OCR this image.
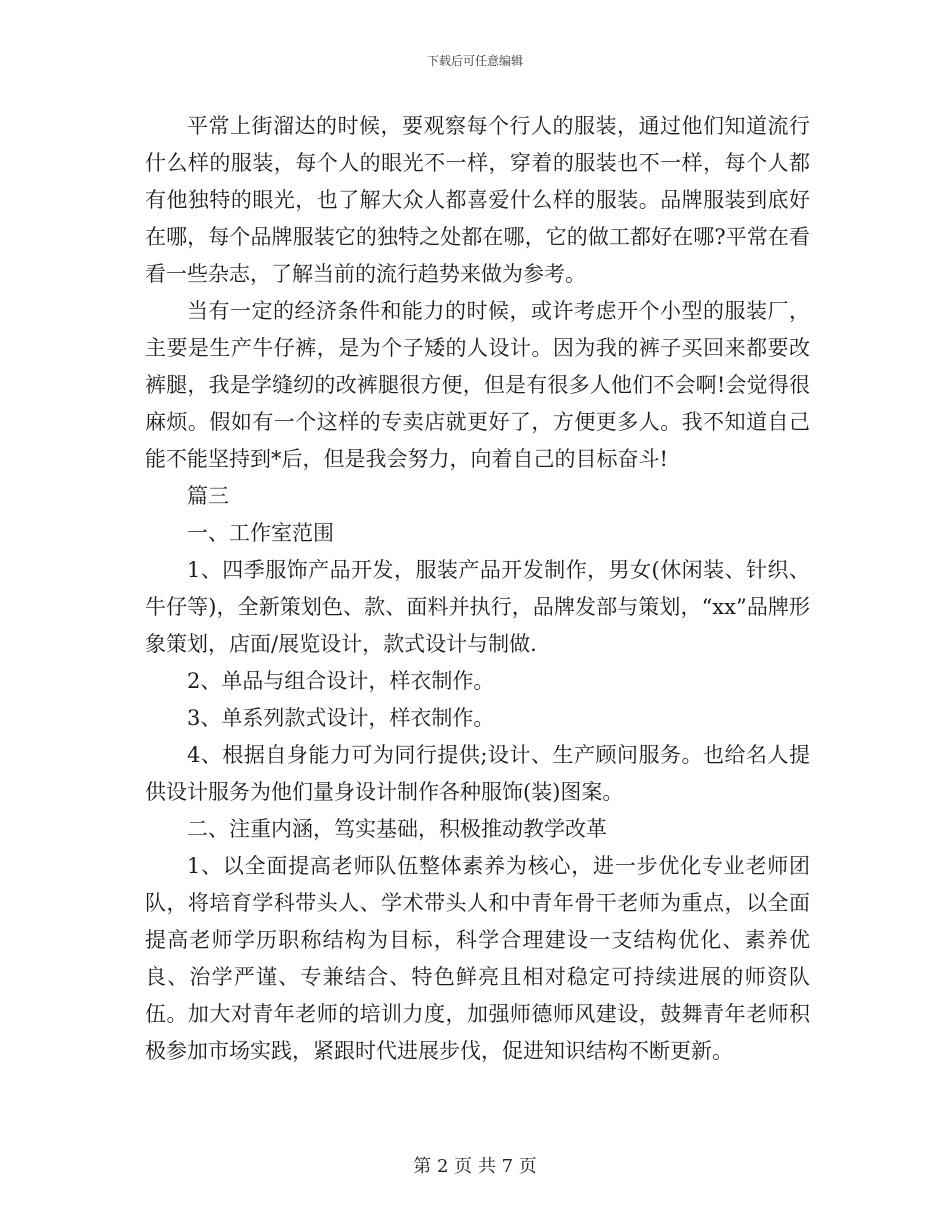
下载后可任意编辑

平常上街溜达的时候，要观察每个行人的服装，通过他们知道流行什么样的服装，每个人的眼光不一样，穿着的服装也不一样，每个人都有他独特的眼光，也了解大众人都喜爱什么样的服装。品牌服装到底好在哪，每个品牌服装它的独特之处都在哪，它的做工都好在哪?平常在看看一些杂志，了解当前的流行趋势来做为参考。

当有一定的经济条件和能力的时候，或许考虑开个小型的服装厂，主要是生产牛仔裤，是为个子矮的人设计。因为我的裤子买回来都要改裤腿，我是学缝纫的改裤腿很方便，但是有很多人他们不会啊!会觉得很麻烦。假如有一个这样的专卖店就更好了，方便更多人。我不知道自己能不能坚持到*后，但是我会努力，向着自己的目标奋斗!

篇三

一、工作室范围

1、四季服饰产品开发，服装产品开发制作，男女(休闲装、针织、牛仔等)，全新策划色、款、面料并执行，品牌发部与策划，“xx”品牌形象策划，店面/展览设计，款式设计与制做.

2、单品与组合设计，样衣制作。

3、单系列款式设计，样衣制作。

4、根据自身能力可为同行提供;设计、生产顾问服务。也给名人提供设计服务为他们量身设计制作各种服饰(装)图案。

二、注重内涵，笃实基础，积极推动教学改革

1、以全面提高老师队伍整体素养为核心，进一步优化专业老师团队，将培育学科带头人、学术带头人和中青年骨干老师为重点，以全面提高老师学历职称结构为目标，科学合理建设一支结构优化、素养优良、治学严谨、专兼结合、特色鲜亮且相对稳定可持续进展的师资队伍。加大对青年老师的培训力度，加强师德师风建设，鼓舞青年老师积极参加市场实践，紧跟时代进展步伐，促进知识结构不断更新。

第 2 页 共 7 页
